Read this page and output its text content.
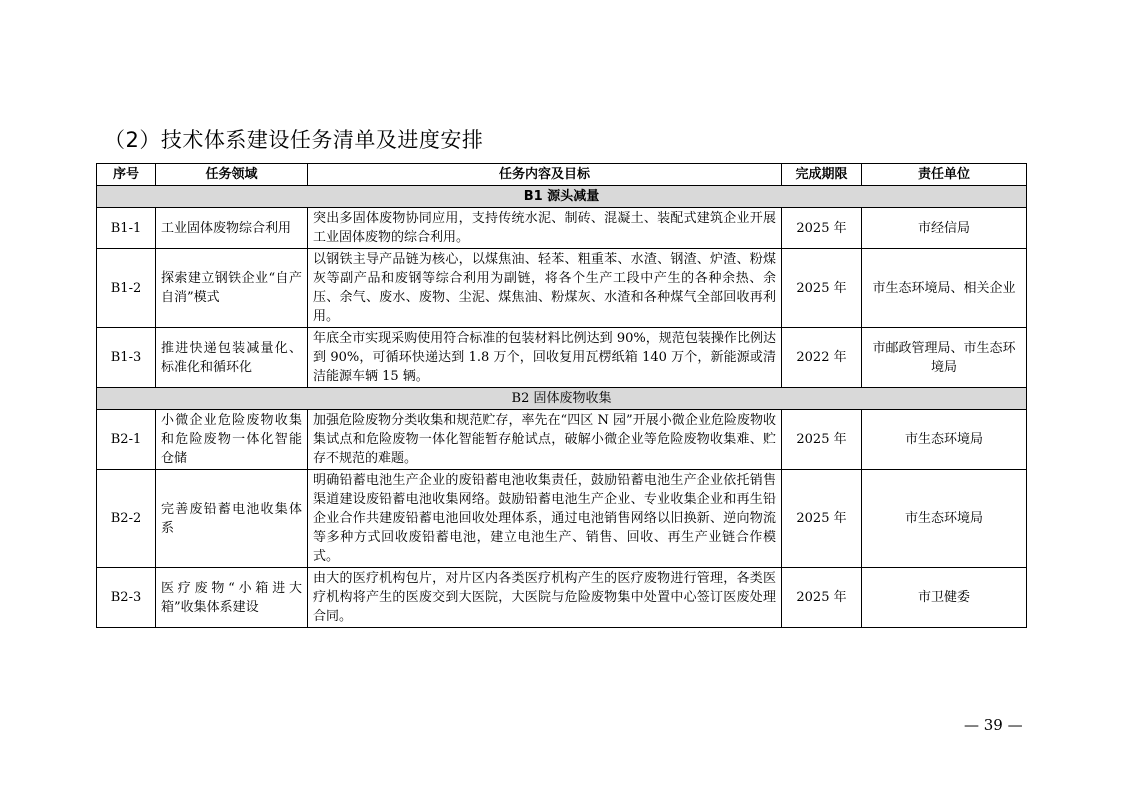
（2）技术体系建设任务清单及进度安排
序号	任务领域	任务内容及目标	完成期限	责任单位
B1 源头减量				
B1-1	工业固体废物综合利用	突出多固体废物协同应用，支持传统水泥、制砖、混凝土、装配式建筑企业开展工业固体废物的综合利用。	2025 年	市经信局
B1-2	探索建立钢铁企业“自产自消”模式	以钢铁主导产品链为核心，以煤焦油、轻苯、粗重苯、水渣、钢渣、炉渣、粉煤灰等副产品和废钢等综合利用为副链，将各个生产工段中产生的各种余热、余压、余气、废水、废物、尘泥、煤焦油、粉煤灰、水渣和各种煤气全部回收再利用。	2025 年	市生态环境局、相关企业
B1-3	推进快递包装减量化、标准化和循环化	年底全市实现采购使用符合标准的包装材料比例达到 90%，规范包装操作比例达到 90%，可循环快递达到 1.8 万个，回收复用瓦楞纸箱 140 万个，新能源或清洁能源车辆 15 辆。	2022 年	市邮政管理局、市生态环境局
B2 固体废物收集				
B2-1	小微企业危险废物收集和危险废物一体化智能仓储	加强危险废物分类收集和规范贮存，率先在“四区 N 园”开展小微企业危险废物收集试点和危险废物一体化智能暂存舱试点，破解小微企业等危险废物收集难、贮存不规范的难题。	2025 年	市生态环境局
B2-2	完善废铅蓄电池收集体系	明确铅蓄电池生产企业的废铅蓄电池收集责任，鼓励铅蓄电池生产企业依托销售渠道建设废铅蓄电池收集网络。鼓励铅蓄电池生产企业、专业收集企业和再生铅企业合作共建废铅蓄电池回收处理体系，通过电池销售网络以旧换新、逆向物流等多种方式回收废铅蓄电池，建立电池生产、销售、回收、再生产业链合作模式。	2025 年	市生态环境局
B2-3	医疗废物“小箱进大箱”收集体系建设	由大的医疗机构包片，对片区内各类医疗机构产生的医疗废物进行管理，各类医疗机构将产生的医废交到大医院，大医院与危险废物集中处置中心签订医废处理合同。	2025 年	市卫健委
— 39 —
